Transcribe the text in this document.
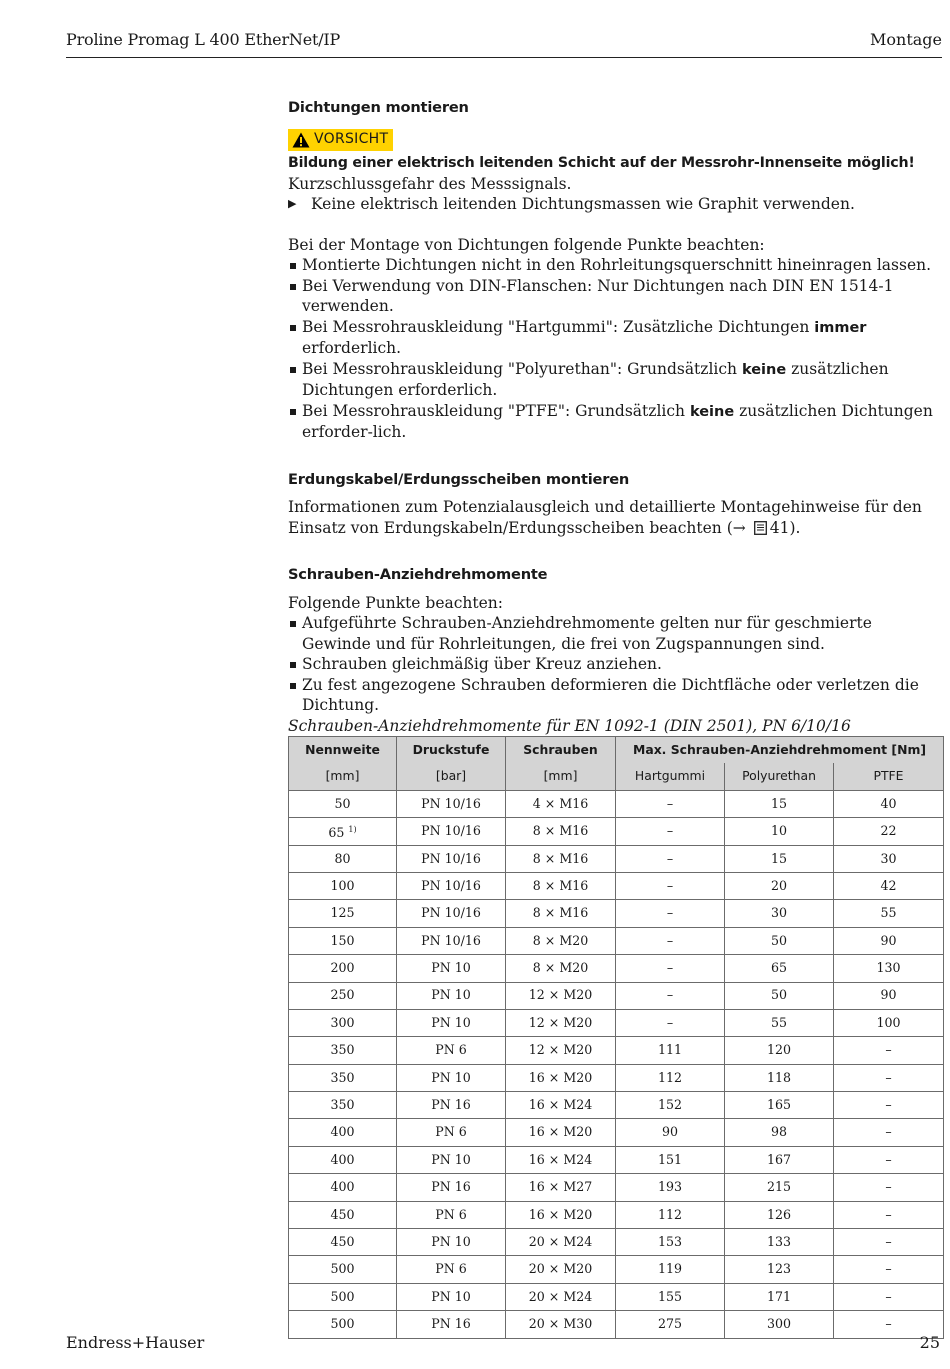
Proline Promag L 400 EtherNet/IP	Montage
Dichtungen montieren
VORSICHT

Bildung einer elektrisch leitenden Schicht auf der Messrohr-Innenseite möglich!

Kurzschlussgefahr des Messsignals.

▶ Keine elektrisch leitenden Dichtungsmassen wie Graphit verwenden.

Bei der Montage von Dichtungen folgende Punkte beachten:

Montierte Dichtungen nicht in den Rohrleitungsquerschnitt hineinragen lassen.
Bei Verwendung von DIN-Flanschen: Nur Dichtungen nach DIN EN 1514-1 verwenden.
Bei Messrohrauskleidung "Hartgummi": Zusätzliche Dichtungen immer erforderlich.
Bei Messrohrauskleidung "Polyurethan": Grundsätzlich keine zusätzlichen Dichtungen erforderlich.
Bei Messrohrauskleidung "PTFE": Grundsätzlich keine zusätzlichen Dichtungen erforder-lich.
Erdungskabel/Erdungsscheiben montieren

Informationen zum Potenzialausgleich und detaillierte Montagehinweise für den Einsatz von Erdungskabeln/Erdungsscheiben beachten (→ 41).

Schrauben-Anziehdrehmomente

Folgende Punkte beachten:

Aufgeführte Schrauben-Anziehdrehmomente gelten nur für geschmierte Gewinde und für Rohrleitungen, die frei von Zugspannungen sind.
Schrauben gleichmäßig über Kreuz anziehen.
Zu fest angezogene Schrauben deformieren die Dichtfläche oder verletzen die Dichtung.

Schrauben-Anziehdrehmomente für EN 1092-1 (DIN 2501), PN 6/10/16

Nennweite	Druckstufe	Schrauben	Max. Schrauben-Anziehdrehmoment [Nm]		
[mm]	[bar]	[mm]	Hartgummi	Polyurethan	PTFE
50	PN 10/16	4 × M16	–	15	40
65 $^{1)}$	PN 10/16	8 × M16	–	10	22
80	PN 10/16	8 × M16	–	15	30
100	PN 10/16	8 × M16	–	20	42
125	PN 10/16	8 × M16	–	30	55
150	PN 10/16	8 × M20	–	50	90
200	PN 10	8 × M20	–	65	130
250	PN 10	12 × M20	–	50	90
300	PN 10	12 × M20	–	55	100
350	PN 6	12 × M20	111	120	–
350	PN 10	16 × M20	112	118	–
350	PN 16	16 × M24	152	165	–
400	PN 6	16 × M20	90	98	–
400	PN 10	16 × M24	151	167	–
400	PN 16	16 × M27	193	215	–
450	PN 6	16 × M20	112	126	–
450	PN 10	20 × M24	153	133	–
500	PN 6	20 × M20	119	123	–
500	PN 10	20 × M24	155	171	–
500	PN 16	20 × M30	275	300	–
Endress+Hauser	25
